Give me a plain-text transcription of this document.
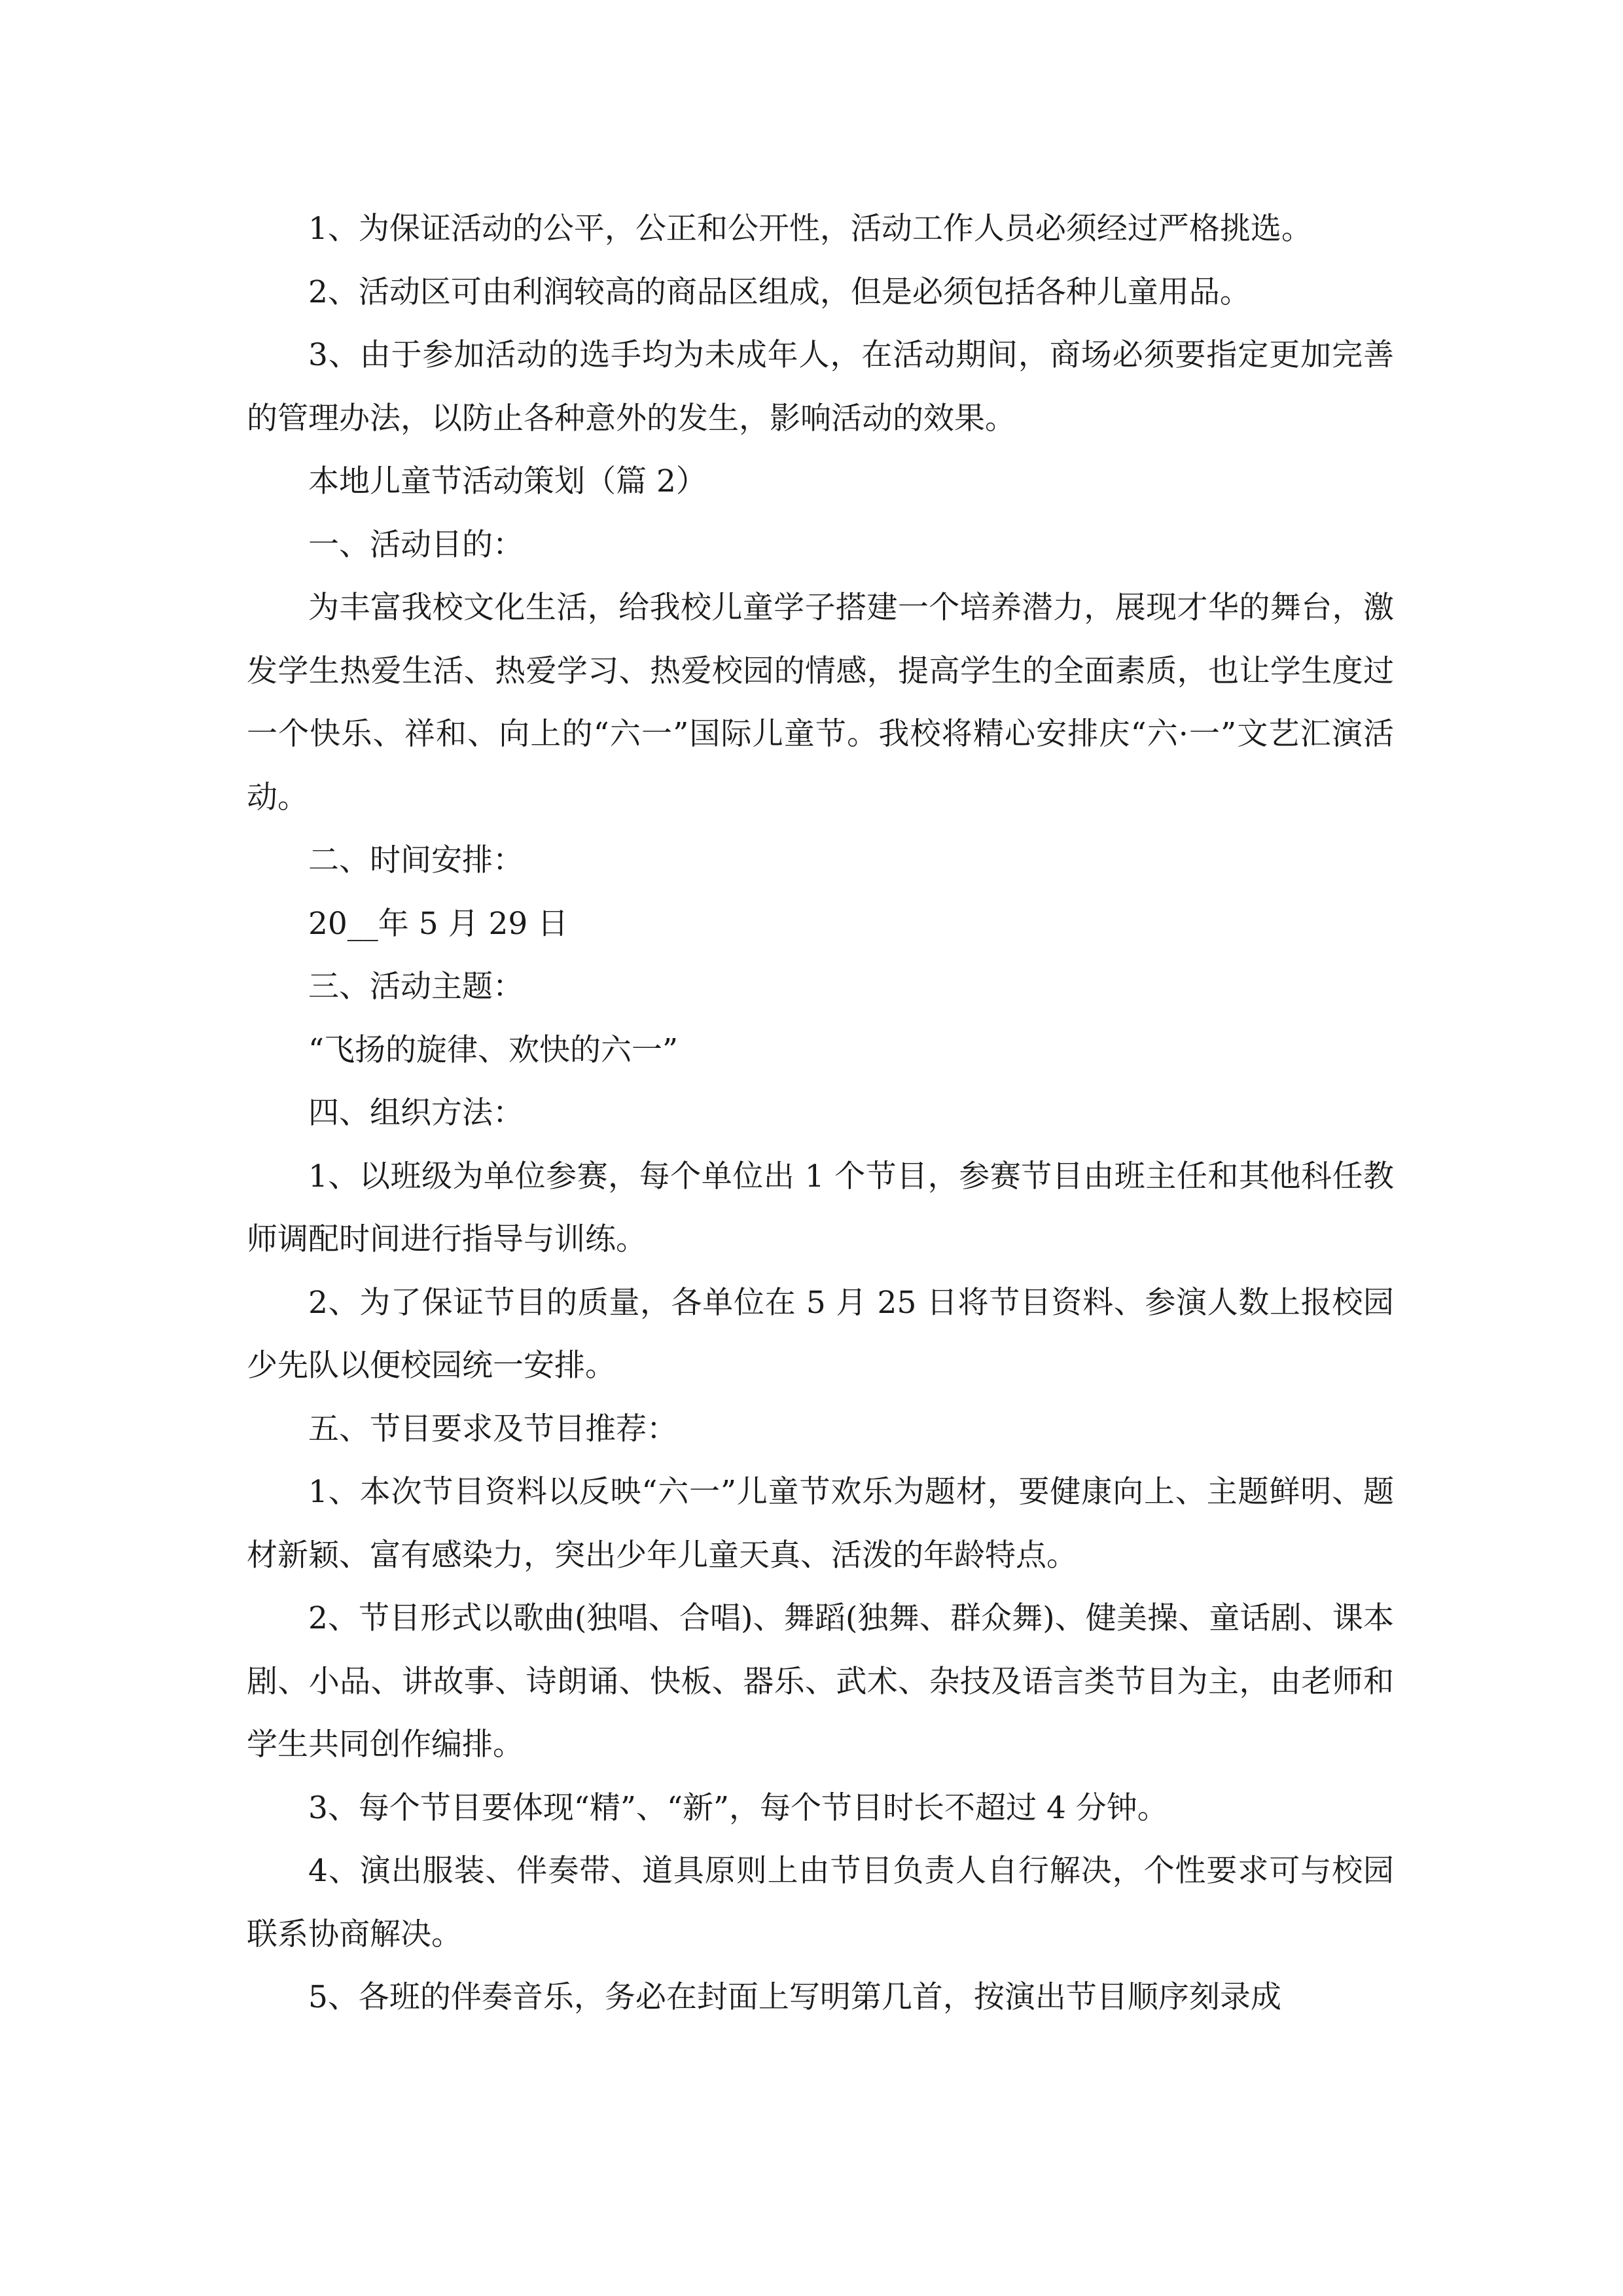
1、为保证活动的公平，公正和公开性，活动工作人员必须经过严格挑选。

2、活动区可由利润较高的商品区组成，但是必须包括各种儿童用品。

3、由于参加活动的选手均为未成年人，在活动期间，商场必须要指定更加完善的管理办法，以防止各种意外的发生，影响活动的效果。

本地儿童节活动策划（篇 2）

一、活动目的：

为丰富我校文化生活，给我校儿童学子搭建一个培养潜力，展现才华的舞台，激发学生热爱生活、热爱学习、热爱校园的情感，提高学生的全面素质，也让学生度过一个快乐、祥和、向上的“六一”国际儿童节。我校将精心安排庆“六·一”文艺汇演活动。

二、时间安排：

20__年 5 月 29 日

三、活动主题：

“飞扬的旋律、欢快的六一”

四、组织方法：

1、以班级为单位参赛，每个单位出 1 个节目，参赛节目由班主任和其他科任教师调配时间进行指导与训练。

2、为了保证节目的质量，各单位在 5 月 25 日将节目资料、参演人数上报校园少先队以便校园统一安排。

五、节目要求及节目推荐：

1、本次节目资料以反映“六一”儿童节欢乐为题材，要健康向上、主题鲜明、题材新颖、富有感染力，突出少年儿童天真、活泼的年龄特点。

2、节目形式以歌曲(独唱、合唱)、舞蹈(独舞、群众舞)、健美操、童话剧、课本剧、小品、讲故事、诗朗诵、快板、器乐、武术、杂技及语言类节目为主，由老师和学生共同创作编排。

3、每个节目要体现“精”、“新”，每个节目时长不超过 4 分钟。

4、演出服装、伴奏带、道具原则上由节目负责人自行解决，个性要求可与校园联系协商解决。

5、各班的伴奏音乐，务必在封面上写明第几首，按演出节目顺序刻录成
